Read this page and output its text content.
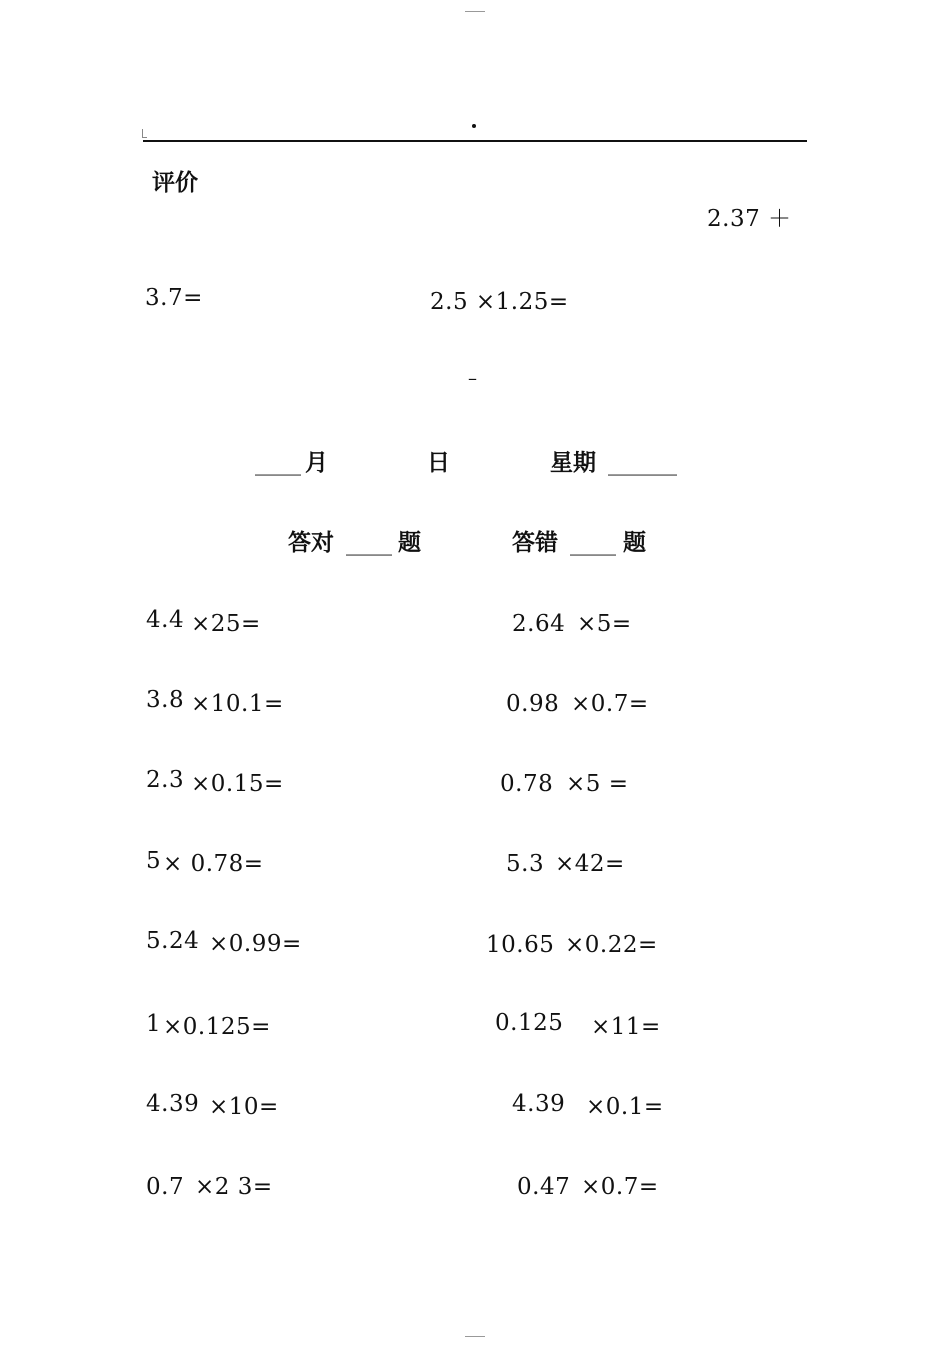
评价
2.37 ＋
3.7=	2.5 ×1.25=
–
____ 月	日	星期 ______
答对 ____ 题	答错 ____ 题
4.4 ×25=	2.64 ×5=
3.8 ×10.1=	0.98 ×0.7=
2.3 ×0.15=	0.78 ×5 =
5 × 0.78=	5.3 ×42=
5.24 ×0.99=	10.65 ×0.22=
1 ×0.125=	0.125 ×11=
4.39 ×10=	4.39 ×0.1=
0.7 ×2 3=	0.47 ×0.7=
